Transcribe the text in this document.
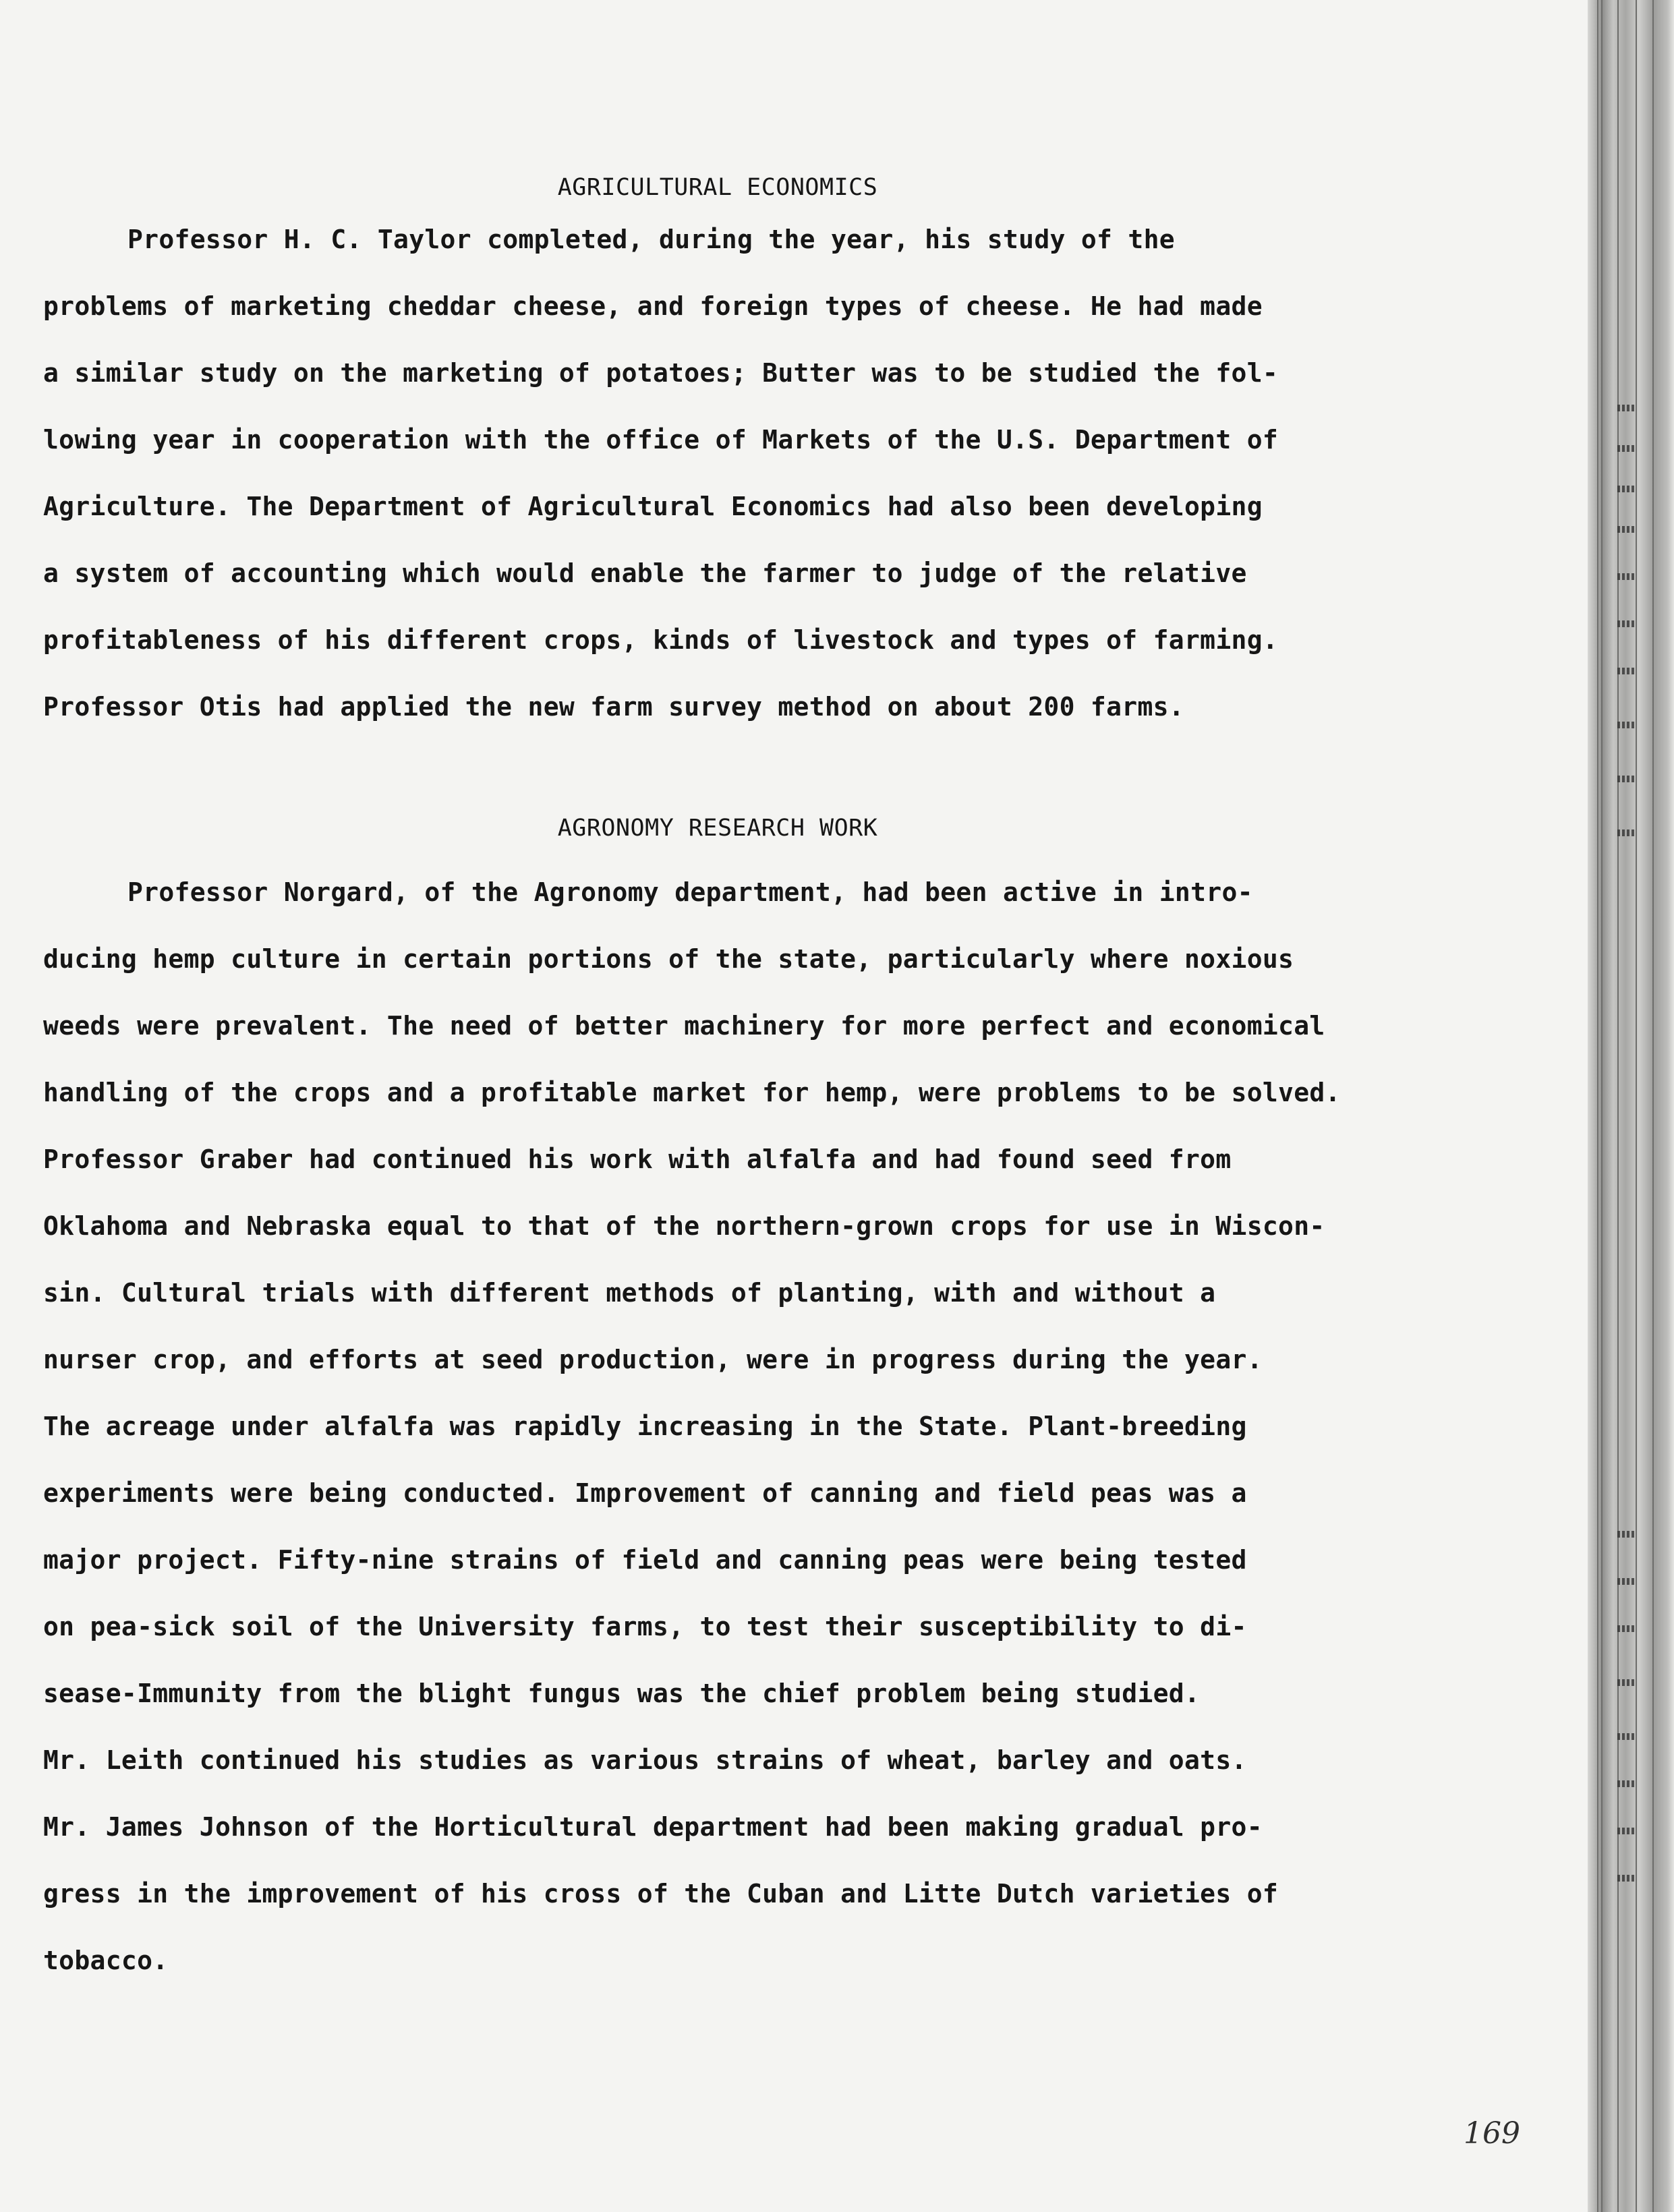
AGRICULTURAL ECONOMICS

Professor H. C. Taylor completed, during the year, his study of the
problems of marketing cheddar cheese, and foreign types of cheese. He had made
a similar study on the marketing of potatoes; Butter was to be studied the fol-
lowing year in cooperation with the office of Markets of the U.S. Department of
Agriculture. The Department of Agricultural Economics had also been developing
a system of accounting which would enable the farmer to judge of the relative
profitableness of his different crops, kinds of livestock and types of farming.
Professor Otis had applied the new farm survey method on about 200 farms.

AGRONOMY RESEARCH WORK

Professor Norgard, of the Agronomy department, had been active in intro-
ducing hemp culture in certain portions of the state, particularly where noxious
weeds were prevalent. The need of better machinery for more perfect and economical
handling of the crops and a profitable market for hemp, were problems to be solved.
Professor Graber had continued his work with alfalfa and had found seed from
Oklahoma and Nebraska equal to that of the northern-grown crops for use in Wiscon-
sin. Cultural trials with different methods of planting, with and without a
nurser crop, and efforts at seed production, were in progress during the year.
The acreage under alfalfa was rapidly increasing in the State. Plant-breeding
experiments were being conducted. Improvement of canning and field peas was a
major project. Fifty-nine strains of field and canning peas were being tested
on pea-sick soil of the University farms, to test their susceptibility to di-
sease-Immunity from the blight fungus was the chief problem being studied.
Mr. Leith continued his studies as various strains of wheat, barley and oats.
Mr. James Johnson of the Horticultural department had been making gradual pro-
gress in the improvement of his cross of the Cuban and Litte Dutch varieties of
tobacco.

169
